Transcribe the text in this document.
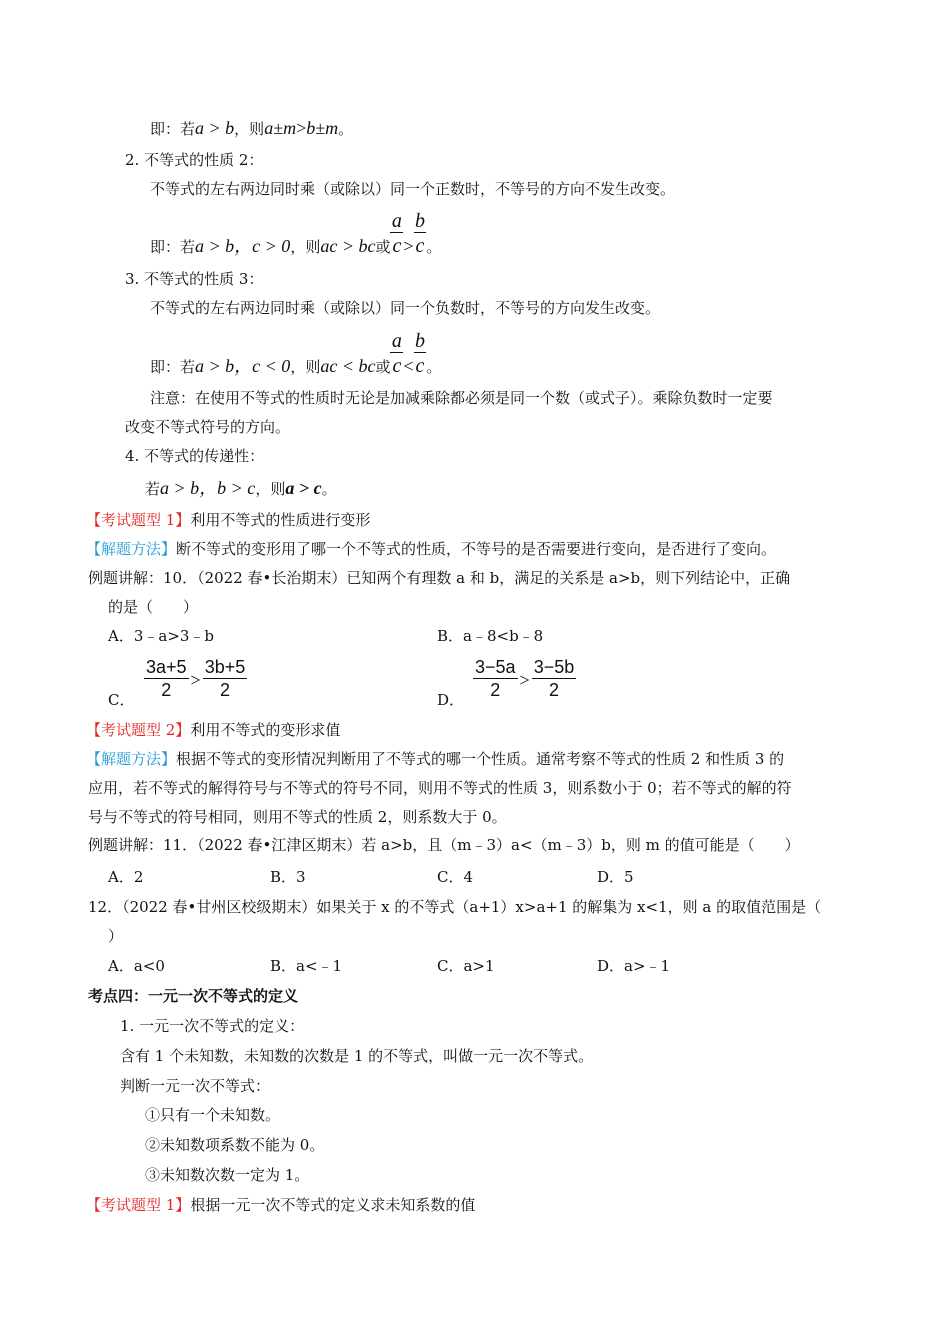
即：若a > b，则a±m>b±m。
2. 不等式的性质 2：
不等式的左右两边同时乘（或除以）同一个正数时，不等号的方向不发生改变。
即：若a > b，c > 0，则ac > bc或 $\frac{a}{c} > \frac{b}{c}$ 。
3. 不等式的性质 3：
不等式的左右两边同时乘（或除以）同一个负数时，不等号的方向发生改变。
即：若a > b，c < 0，则ac < bc或 $\frac{a}{c} < \frac{b}{c}$ 。
注意：在使用不等式的性质时无论是加减乘除都必须是同一个数（或式子）。乘除负数时一定要
改变不等式符号的方向。
4. 不等式的传递性：
若a > b，b > c，则a > c。
【考试题型 1】利用不等式的性质进行变形
【解题方法】断不等式的变形用了哪一个不等式的性质，不等号的是否需要进行变向，是否进行了变向。
例题讲解：10．（2022 春•长治期末）已知两个有理数 a 和 b，满足的关系是 a>b，则下列结论中，正确
的是（　　）
A．3﹣a>3﹣b	B．a﹣8<b﹣8
C． $\frac{3a+5}{2} > \frac{3b+5}{2}$	D． $\frac{3-5a}{2} > \frac{3-5b}{2}$
【考试题型 2】利用不等式的变形求值
【解题方法】根据不等式的变形情况判断用了不等式的哪一个性质。通常考察不等式的性质 2 和性质 3 的
应用，若不等式的解得符号与不等式的符号不同，则用不等式的性质 3，则系数小于 0；若不等式的解的符
号与不等式的符号相同，则用不等式的性质 2，则系数大于 0。
例题讲解：11．（2022 春•江津区期末）若 a>b，且（m﹣3）a<（m﹣3）b，则 m 的值可能是（　　）
A．2	B．3	C．4	D．5
12．（2022 春•甘州区校级期末）如果关于 x 的不等式（a+1）x>a+1 的解集为 x<1，则 a 的取值范围是（
）
A．a<0	B．a<﹣1	C．a>1	D．a>﹣1
考点四：一元一次不等式的定义
1. 一元一次不等式的定义：
含有 1 个未知数，未知数的次数是 1 的不等式，叫做一元一次不等式。
判断一元一次不等式：
①只有一个未知数。
②未知数项系数不能为 0。
③未知数次数一定为 1。
【考试题型 1】根据一元一次不等式的定义求未知系数的值
